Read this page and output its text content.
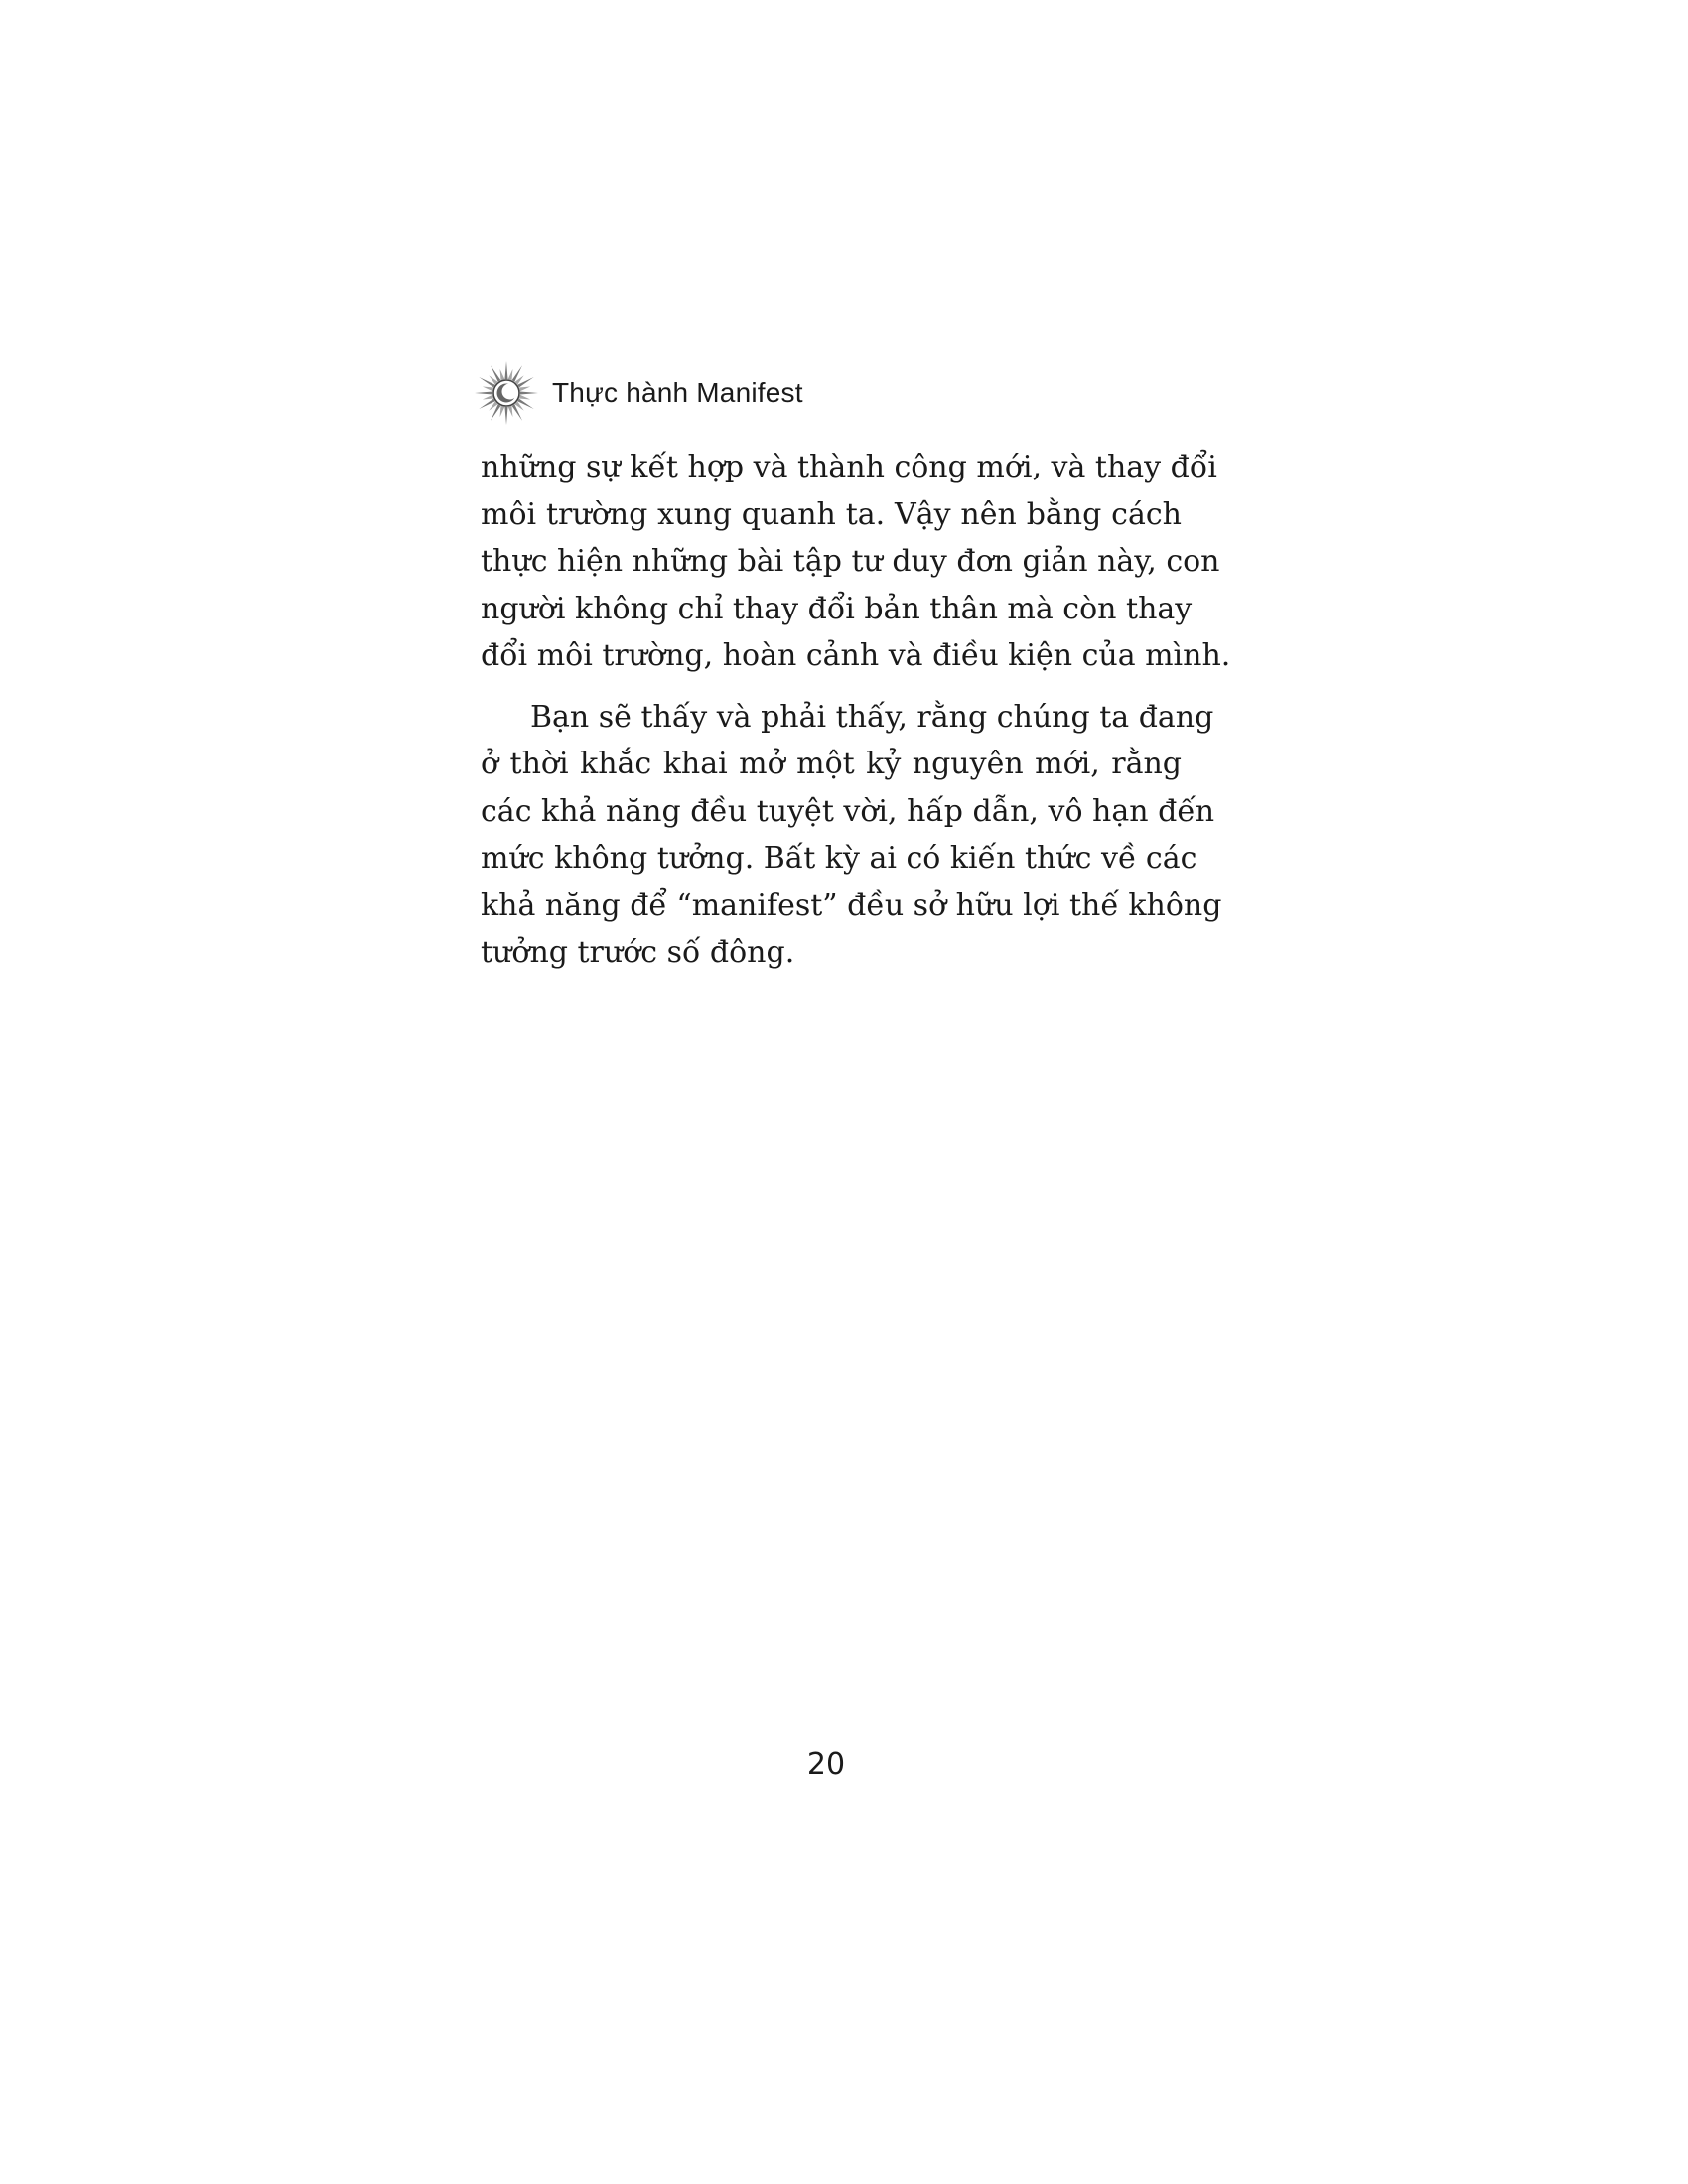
Thực hành Manifest

những sự kết hợp và thành công mới, và thay đổi
môi trường xung quanh ta. Vậy nên bằng cách
thực hiện những bài tập tư duy đơn giản này, con
người không chỉ thay đổi bản thân mà còn thay
đổi môi trường, hoàn cảnh và điều kiện của mình.

Bạn sẽ thấy và phải thấy, rằng chúng ta đang
ở thời khắc khai mở một kỷ nguyên mới, rằng
các khả năng đều tuyệt vời, hấp dẫn, vô hạn đến
mức không tưởng. Bất kỳ ai có kiến thức về các
khả năng để “manifest” đều sở hữu lợi thế không
tưởng trước số đông.

20
